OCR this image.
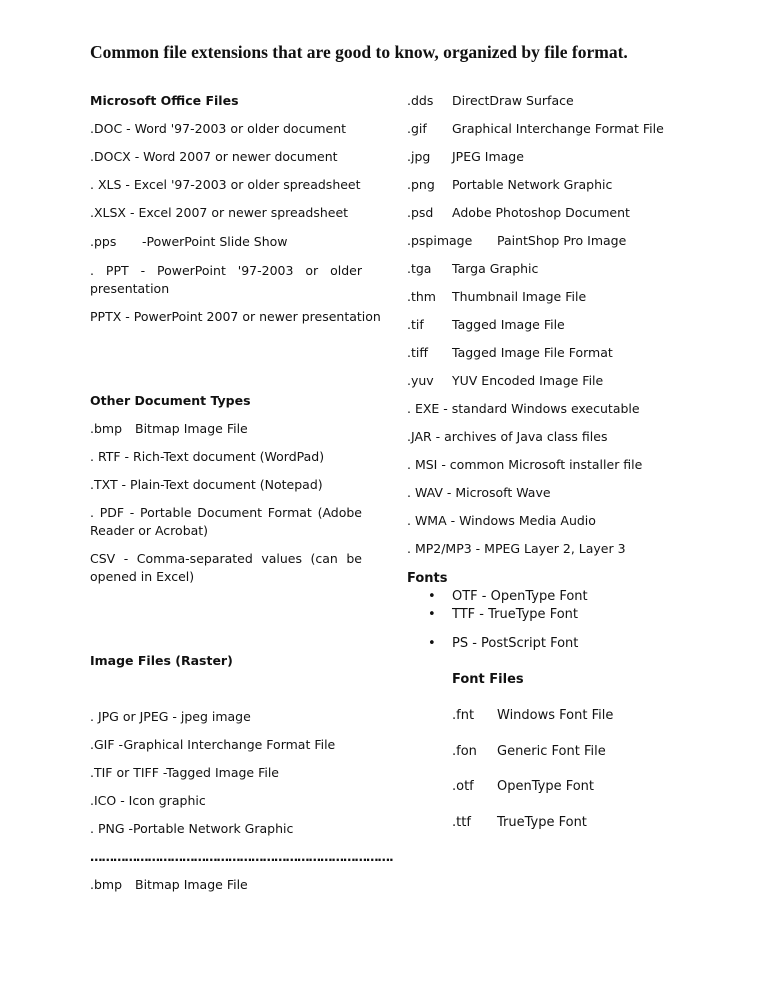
Common file extensions that are good to know, organized by file format.
Microsoft Office Files
.DOC - Word '97-2003 or older document
.DOCX - Word 2007 or newer document
. XLS - Excel '97-2003 or older spreadsheet
.XLSX - Excel 2007 or newer spreadsheet
.pps -PowerPoint Slide Show
. PPT - PowerPoint '97-2003 or older
presentation
PPTX - PowerPoint 2007 or newer presentation
Other Document Types
.bmp Bitmap Image File
. RTF - Rich-Text document (WordPad)
.TXT - Plain-Text document (Notepad)
. PDF - Portable Document Format (Adobe Reader or Acrobat)
CSV - Comma-separated values (can be opened in Excel)
Image Files (Raster)
. JPG or JPEG - jpeg image
.GIF -Graphical Interchange Format File
.TIF or TIFF -Tagged Image File
.ICO - Icon graphic
. PNG -Portable Network Graphic
…………………………………………………………………….
.bmp Bitmap Image File
.dds DirectDraw Surface
.gif Graphical Interchange Format File
.jpg JPEG Image
.png Portable Network Graphic
.psd Adobe Photoshop Document
.pspimage PaintShop Pro Image
.tga Targa Graphic
.thm Thumbnail Image File
.tif Tagged Image File
.tiff Tagged Image File Format
.yuv YUV Encoded Image File
. EXE - standard Windows executable
.JAR - archives of Java class files
. MSI - common Microsoft installer file
. WAV - Microsoft Wave
. WMA - Windows Media Audio
. MP2/MP3 - MPEG Layer 2, Layer 3
Fonts
• OTF - OpenType Font
• TTF - TrueType Font
• PS - PostScript Font
Font Files
.fnt Windows Font File
.fon Generic Font File
.otf OpenType Font
.ttf TrueType Font
